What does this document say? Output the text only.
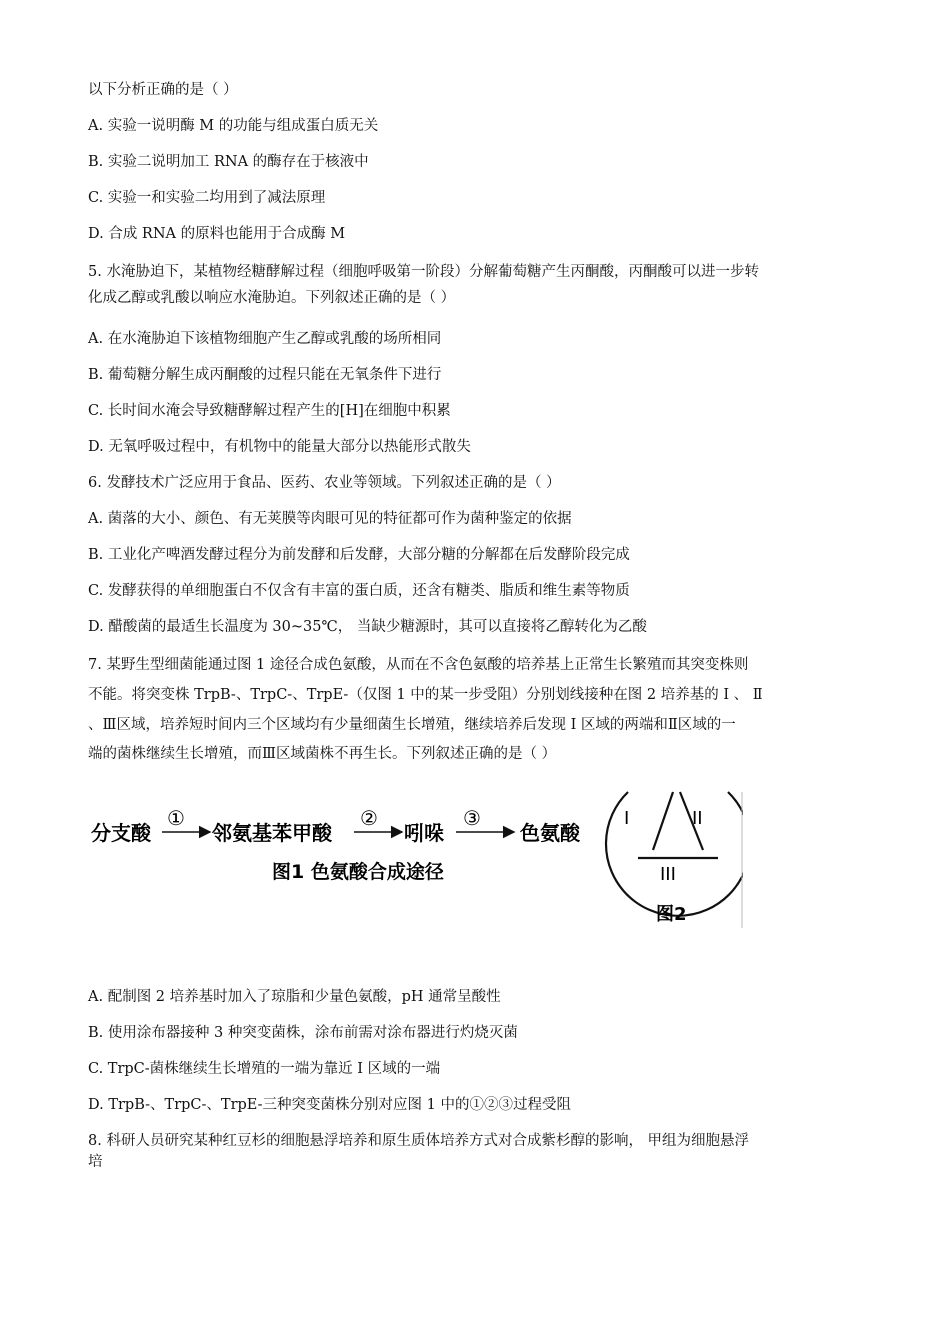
以下分析正确的是（ ）
A. 实验一说明酶 M 的功能与组成蛋白质无关
B. 实验二说明加工 RNA 的酶存在于核液中
C. 实验一和实验二均用到了减法原理
D. 合成 RNA 的原料也能用于合成酶 M
5. 水淹胁迫下，某植物经糖酵解过程（细胞呼吸第一阶段）分解葡萄糖产生丙酮酸，丙酮酸可以进一步转
化成乙醇或乳酸以响应水淹胁迫。下列叙述正确的是（ ）
A. 在水淹胁迫下该植物细胞产生乙醇或乳酸的场所相同
B. 葡萄糖分解生成丙酮酸的过程只能在无氧条件下进行
C. 长时间水淹会导致糖酵解过程产生的[H]在细胞中积累
D. 无氧呼吸过程中，有机物中的能量大部分以热能形式散失
6. 发酵技术广泛应用于食品、医药、农业等领域。下列叙述正确的是（ ）
A. 菌落的大小、颜色、有无荚膜等肉眼可见的特征都可作为菌种鉴定的依据
B. 工业化产啤酒发酵过程分为前发酵和后发酵，大部分糖的分解都在后发酵阶段完成
C. 发酵获得的单细胞蛋白不仅含有丰富的蛋白质，还含有糖类、脂质和维生素等物质
D. 醋酸菌的最适生长温度为 30~35℃， 当缺少糖源时，其可以直接将乙醇转化为乙酸
7. 某野生型细菌能通过图 1 途径合成色氨酸，从而在不含色氨酸的培养基上正常生长繁殖而其突变株则
不能。将突变株 TrpB-、TrpC-、TrpE-（仅图 1 中的某一步受阻）分别划线接种在图 2 培养基的 Ⅰ 、 Ⅱ
、Ⅲ区域，培养短时间内三个区域均有少量细菌生长增殖，继续培养后发现 Ⅰ 区域的两端和Ⅱ区域的一
端的菌株继续生长增殖，而Ⅲ区域菌株不再生长。下列叙述正确的是（ ）
分支酸
①
邻氨基苯甲酸
②
吲哚
③
色氨酸
图1 色氨酸合成途径
I	II
III
图2
A. 配制图 2 培养基时加入了琼脂和少量色氨酸，pH 通常呈酸性
B. 使用涂布器接种 3 种突变菌株，涂布前需对涂布器进行灼烧灭菌
C. TrpC-菌株继续生长增殖的一端为靠近 Ⅰ 区域的一端
D. TrpB-、TrpC-、TrpE-三种突变菌株分别对应图 1 中的①②③过程受阻
8. 科研人员研究某种红豆杉的细胞悬浮培养和原生质体培养方式对合成紫杉醇的影响， 甲组为细胞悬浮
培
